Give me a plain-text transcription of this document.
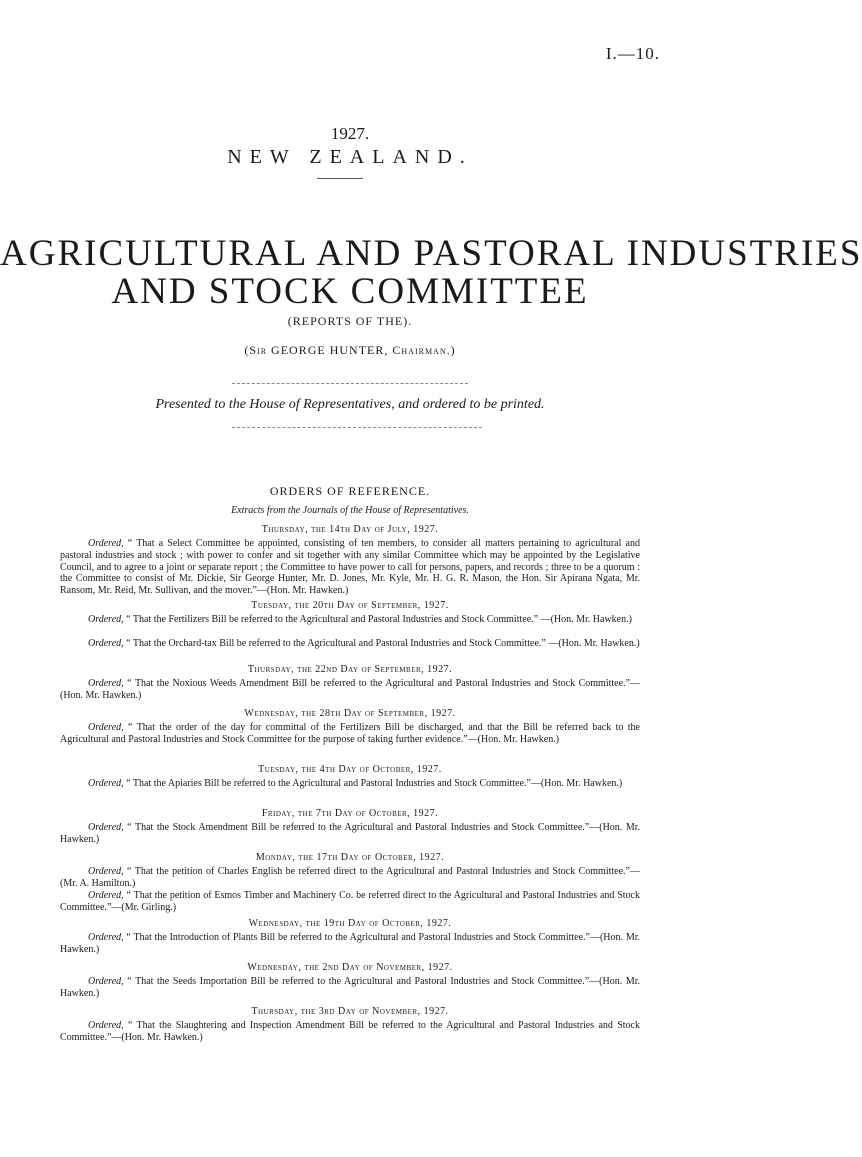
I.—10.
1927.
NEW ZEALAND.
AGRICULTURAL AND PASTORAL INDUSTRIES
AND STOCK COMMITTEE
(REPORTS OF THE).
(Sir GEORGE HUNTER, Chairman.)
Presented to the House of Representatives, and ordered to be printed.
ORDERS OF REFERENCE.
Extracts from the Journals of the House of Representatives.
Thursday, the 14th Day of July, 1927.
Ordered, “ That a Select Committee be appointed, consisting of ten members, to consider all matters pertaining to agricultural and pastoral industries and stock ; with power to confer and sit together with any similar Committee which may be appointed by the Legislative Council, and to agree to a joint or separate report ; the Committee to have power to call for persons, papers, and records ; three to be a quorum : the Committee to consist of Mr. Dickie, Sir George Hunter, Mr. D. Jones, Mr. Kyle, Mr. H. G. R. Mason, the Hon. Sir Apirana Ngata, Mr. Ransom, Mr. Reid, Mr. Sullivan, and the mover.”—(Hon. Mr. Hawken.)
Tuesday, the 20th Day of September, 1927.
Ordered, “ That the Fertilizers Bill be referred to the Agricultural and Pastoral Industries and Stock Committee.” —(Hon. Mr. Hawken.)
Ordered, “ That the Orchard-tax Bill be referred to the Agricultural and Pastoral Industries and Stock Committee.” —(Hon. Mr. Hawken.)
Thursday, the 22nd Day of September, 1927.
Ordered, “ That the Noxious Weeds Amendment Bill be referred to the Agricultural and Pastoral Industries and Stock Committee.”—(Hon. Mr. Hawken.)
Wednesday, the 28th Day of September, 1927.
Ordered, “ That the order of the day for committal of the Fertilizers Bill be discharged, and that the Bill be referred back to the Agricultural and Pastoral Industries and Stock Committee for the purpose of taking further evidence.”—(Hon. Mr. Hawken.)
Tuesday, the 4th Day of October, 1927.
Ordered, “ That the Apiaries Bill be referred to the Agricultural and Pastoral Industries and Stock Committee.”—(Hon. Mr. Hawken.)
Friday, the 7th Day of October, 1927.
Ordered, “ That the Stock Amendment Bill be referred to the Agricultural and Pastoral Industries and Stock Committee.”—(Hon. Mr. Hawken.)
Monday, the 17th Day of October, 1927.
Ordered, “ That the petition of Charles English be referred direct to the Agricultural and Pastoral Industries and Stock Committee.”—(Mr. A. Hamilton.)
Ordered, “ That the petition of Esmos Timber and Machinery Co. be referred direct to the Agricultural and Pastoral Industries and Stock Committee.”—(Mr. Girling.)
Wednesday, the 19th Day of October, 1927.
Ordered, “ That the Introduction of Plants Bill be referred to the Agricultural and Pastoral Industries and Stock Committee.”—(Hon. Mr. Hawken.)
Wednesday, the 2nd Day of November, 1927.
Ordered, “ That the Seeds Importation Bill be referred to the Agricultural and Pastoral Industries and Stock Committee.”—(Hon. Mr. Hawken.)
Thursday, the 3rd Day of November, 1927.
Ordered, “ That the Slaughtering and Inspection Amendment Bill be referred to the Agricultural and Pastoral Industries and Stock Committee.”—(Hon. Mr. Hawken.)
